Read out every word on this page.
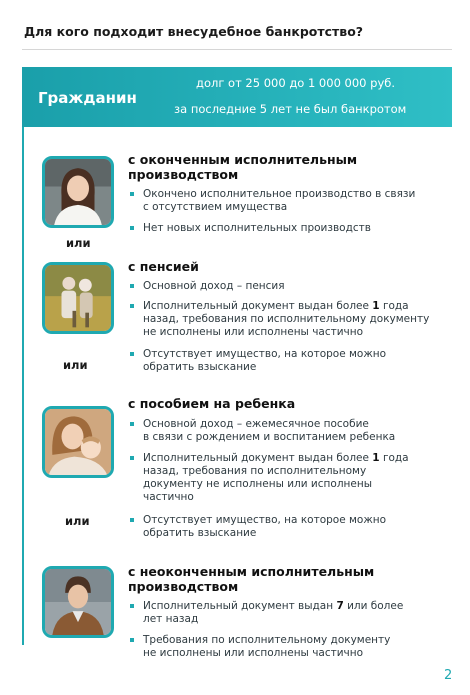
Для кого подходит внесудебное банкротство?
Гражданин
долг от 25 000 до 1 000 000 руб.
за последние 5 лет не был банкротом
с оконченным исполнительным
производством
Окончено исполнительное производство в связи
с отсутствием имущества
Нет новых исполнительных производств
или
с пенсией
Основной доход – пенсия
Исполнительный документ выдан более 1 года
назад, требования по исполнительному документу
не исполнены или исполнены частично
Отсутствует имущество, на которое можно
обратить взыскание
или
с пособием на ребенка
Основной доход – ежемесячное пособие
в связи с рождением и воспитанием ребенка
Исполнительный документ выдан более 1 года
назад, требования по исполнительному
документу не исполнены или исполнены
частично
Отсутствует имущество, на которое можно
обратить взыскание
или
с неоконченным исполнительным
производством
Исполнительный документ выдан 7 или более
лет назад
Требования по исполнительному документу
не исполнены или исполнены частично
2
